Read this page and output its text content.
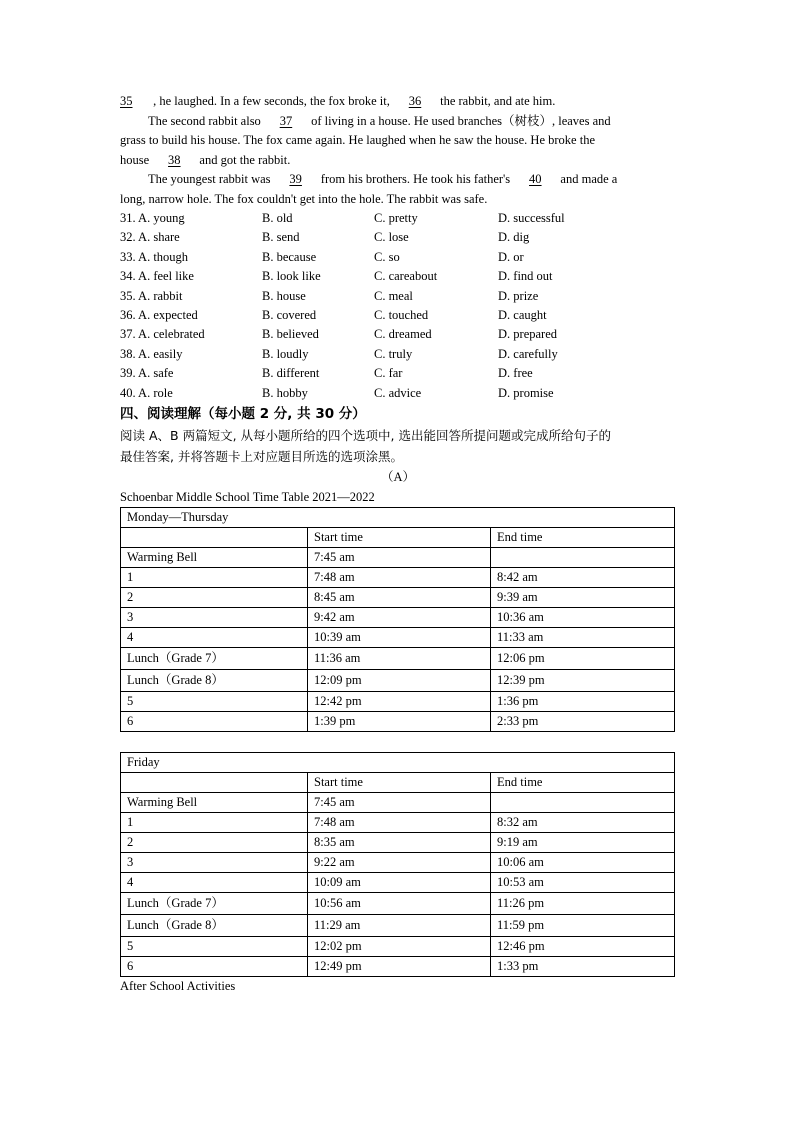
35 , he laughed. In a few seconds, the fox broke it, 36 the rabbit, and ate him.
The second rabbit also 37 of living in a house. He used branches（树枝）, leaves and
grass to build his house. The fox came again. He laughed when he saw the house. He broke the
house 38 and got the rabbit.
The youngest rabbit was 39 from his brothers. He took his father's 40 and made a
long, narrow hole. The fox couldn't get into the hole. The rabbit was safe.
31. A. young	B. old	C. pretty	D. successful
32. A. share	B. send	C. lose	D. dig
33. A. though	B. because	C. so	D. or
34. A. feel like	B. look like	C. careabout	D. find out
35. A. rabbit	B. house	C. meal	D. prize
36. A. expected	B. covered	C. touched	D. caught
37. A. celebrated	B. believed	C. dreamed	D. prepared
38. A. easily	B. loudly	C. truly	D. carefully
39. A. safe	B. different	C. far	D. free
40. A. role	B. hobby	C. advice	D. promise
四、阅读理解（每小题 2 分, 共 30 分）
阅读 A、B 两篇短文, 从每小题所给的四个选项中, 选出能回答所提问题或完成所给句子的
最佳答案, 并将答题卡上对应题目所选的选项涂黑。
（A）
Schoenbar Middle School Time Table 2021—2022
Monday—Thursday		
	Start time	End time
Warming Bell	7:45 am	
1	7:48 am	8:42 am
2	8:45 am	9:39 am
3	9:42 am	10:36 am
4	10:39 am	11:33 am
Lunch（Grade 7）	11:36 am	12:06 pm
Lunch（Grade 8）	12:09 pm	12:39 pm
5	12:42 pm	1:36 pm
6	1:39 pm	2:33 pm
Friday		
	Start time	End time
Warming Bell	7:45 am	
1	7:48 am	8:32 am
2	8:35 am	9:19 am
3	9:22 am	10:06 am
4	10:09 am	10:53 am
Lunch（Grade 7）	10:56 am	11:26 pm
Lunch（Grade 8）	11:29 am	11:59 pm
5	12:02 pm	12:46 pm
6	12:49 pm	1:33 pm
After School Activities
